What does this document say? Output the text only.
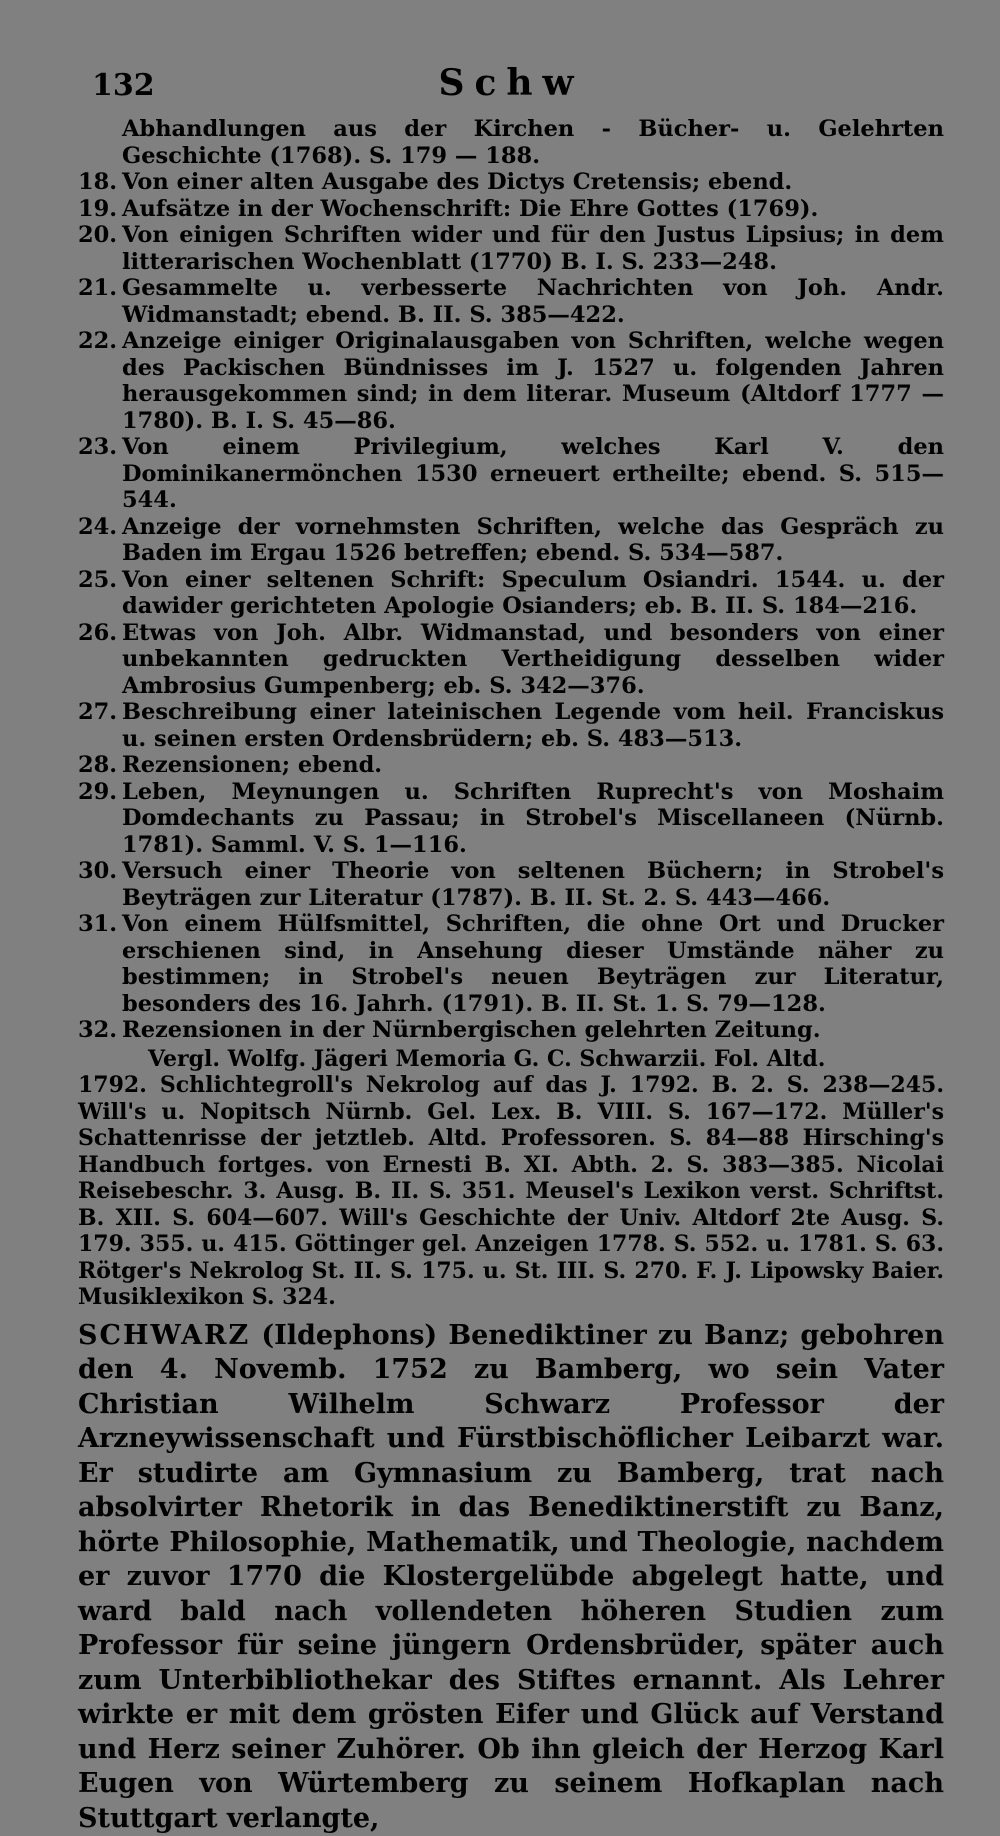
132	Schw
Abhandlungen aus der Kirchen - Bücher- u. Gelehrten Geschichte (1768). S. 179 — 188.
18. Von einer alten Ausgabe des Dictys Cretensis; ebend.
19. Aufsätze in der Wochenschrift: Die Ehre Gottes (1769).
20. Von einigen Schriften wider und für den Justus Lipsius; in dem litterarischen Wochenblatt (1770) B. I. S. 233—248.
21. Gesammelte u. verbesserte Nachrichten von Joh. Andr. Widmanstadt; ebend. B. II. S. 385—422.
22. Anzeige einiger Originalausgaben von Schriften, welche wegen des Packischen Bündnisses im J. 1527 u. folgenden Jahren herausgekommen sind; in dem literar. Museum (Altdorf 1777 — 1780). B. I. S. 45—86.
23. Von einem Privilegium, welches Karl V. den Dominikanermönchen 1530 erneuert ertheilte; ebend. S. 515—544.
24. Anzeige der vornehmsten Schriften, welche das Gespräch zu Baden im Ergau 1526 betreffen; ebend. S. 534—587.
25. Von einer seltenen Schrift: Speculum Osiandri. 1544. u. der dawider gerichteten Apologie Osianders; eb. B. II. S. 184—216.
26. Etwas von Joh. Albr. Widmanstad, und besonders von einer unbekannten gedruckten Vertheidigung desselben wider Ambrosius Gumpenberg; eb. S. 342—376.
27. Beschreibung einer lateinischen Legende vom heil. Franciskus u. seinen ersten Ordensbrüdern; eb. S. 483—513.
28. Rezensionen; ebend.
29. Leben, Meynungen u. Schriften Ruprecht's von Moshaim Domdechants zu Passau; in Strobel's Miscellaneen (Nürnb. 1781). Samml. V. S. 1—116.
30. Versuch einer Theorie von seltenen Büchern; in Strobel's Beyträgen zur Literatur (1787). B. II. St. 2. S. 443—466.
31. Von einem Hülfsmittel, Schriften, die ohne Ort und Drucker erschienen sind, in Ansehung dieser Umstände näher zu bestimmen; in Strobel's neuen Beyträgen zur Literatur, besonders des 16. Jahrh. (1791). B. II. St. 1. S. 79—128.
32. Rezensionen in der Nürnbergischen gelehrten Zeitung.
Vergl. Wolfg. Jägeri Memoria G. C. Schwarzii. Fol. Altd.
1792. Schlichtegroll's Nekrolog auf das J. 1792. B. 2. S. 238—245. Will's u. Nopitsch Nürnb. Gel. Lex. B. VIII. S. 167—172. Müller's Schattenrisse der jetztleb. Altd. Professoren. S. 84—88 Hirsching's Handbuch fortges. von Ernesti B. XI. Abth. 2. S. 383—385. Nicolai Reisebeschr. 3. Ausg. B. II. S. 351. Meusel's Lexikon verst. Schriftst. B. XII. S. 604—607. Will's Geschichte der Univ. Altdorf 2te Ausg. S. 179. 355. u. 415. Göttinger gel. Anzeigen 1778. S. 552. u. 1781. S. 63. Rötger's Nekrolog St. II. S. 175. u. St. III. S. 270. F. J. Lipowsky Baier. Musiklexikon S. 324.
SCHWARZ (Ildephons) Benediktiner zu Banz; gebohren den 4. Novemb. 1752 zu Bamberg, wo sein Vater Christian Wilhelm Schwarz Professor der Arzneywissenschaft und Fürstbischöflicher Leibarzt war. Er studirte am Gymnasium zu Bamberg, trat nach absolvirter Rhetorik in das Benediktinerstift zu Banz, hörte Philosophie, Mathematik, und Theologie, nachdem er zuvor 1770 die Klostergelübde abgelegt hatte, und ward bald nach vollendeten höheren Studien zum Professor für seine jüngern Ordensbrüder, später auch zum Unterbibliothekar des Stiftes ernannt. Als Lehrer wirkte er mit dem grösten Eifer und Glück auf Verstand und Herz seiner Zuhörer. Ob ihn gleich der Herzog Karl Eugen von Würtemberg zu seinem Hofkaplan nach Stuttgart verlangte,
